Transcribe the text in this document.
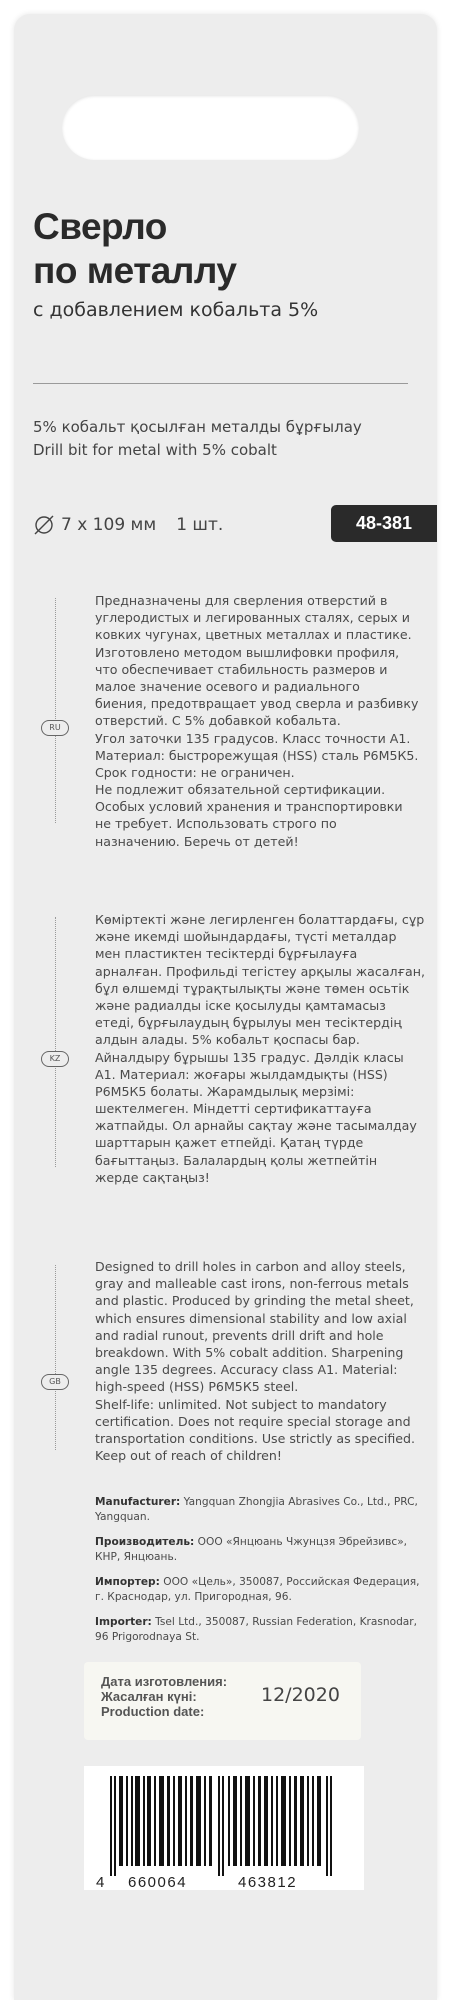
Сверло
по металлу
с добавлением кобальта 5%
5% кобальт қосылған металды бұрғылау
Drill bit for metal with 5% cobalt
7 x 109 мм 1 шт.	48-381
RU
Предназначены для сверления отверстий в
углеродистых и легированных сталях, серых и
ковких чугунах, цветных металлах и пластике.
Изготовлено методом вышлифовки профиля,
что обеспечивает стабильность размеров и
малое значение осевого и радиального
биения, предотвращает увод сверла и разбивку
отверстий. С 5% добавкой кобальта.
Угол заточки 135 градусов. Класс точности А1.
Материал: быстрорежущая (HSS) сталь Р6М5К5.
Срок годности: не ограничен.
Не подлежит обязательной сертификации.
Особых условий хранения и транспортировки
не требует. Использовать строго по
назначению. Беречь от детей!
KZ
Көміртекті және легирленген болаттардағы, сұр
және икемді шойындардағы, түсті металдар
мен пластиктен тесіктерді бұрғылауға
арналған. Профильді тегістеу арқылы жасалған,
бұл өлшемді тұрақтылықты және төмен осьтік
және радиалды іске қосылуды қамтамасыз
етеді, бұрғылаудың бұрылуы мен тесіктердің
алдын алады. 5% кобальт қоспасы бар.
Айналдыру бұрышы 135 градус. Дәлдік класы
А1. Материал: жоғары жылдамдықты (HSS)
Р6М5К5 болаты. Жарамдылық мерзімі:
шектелмеген. Міндетті сертификаттауға
жатпайды. Ол арнайы сақтау және тасымалдау
шарттарын қажет етпейді. Қатаң түрде
бағыттаңыз. Балалардың қолы жетпейтін
жерде сақтаңыз!
GB
Designed to drill holes in carbon and alloy steels,
gray and malleable cast irons, non-ferrous metals
and plastic. Produced by grinding the metal sheet,
which ensures dimensional stability and low axial
and radial runout, prevents drill drift and hole
breakdown. With 5% cobalt addition. Sharpening
angle 135 degrees. Accuracy class A1. Material:
high-speed (HSS) Р6М5К5 steel.
Shelf-life: unlimited. Not subject to mandatory
certification. Does not require special storage and
transportation conditions. Use strictly as specified.
Keep out of reach of children!
Manufacturer: Yangquan Zhongjia Abrasives Co., Ltd., PRC, Yangquan.
Производитель: ООО «Янцюань Чжунцзя Эбрейзивс», КНР, Янцюань.
Импортер: ООО «Цель», 350087, Российская Федерация, г. Краснодар, ул. Пригородная, 96.
Importer: Tsel Ltd., 350087, Russian Federation, Krasnodar, 96 Prigorodnaya St.
Дата изготовления:
Жасалған күні:
Production date:
12/2020
4 660064	463812
